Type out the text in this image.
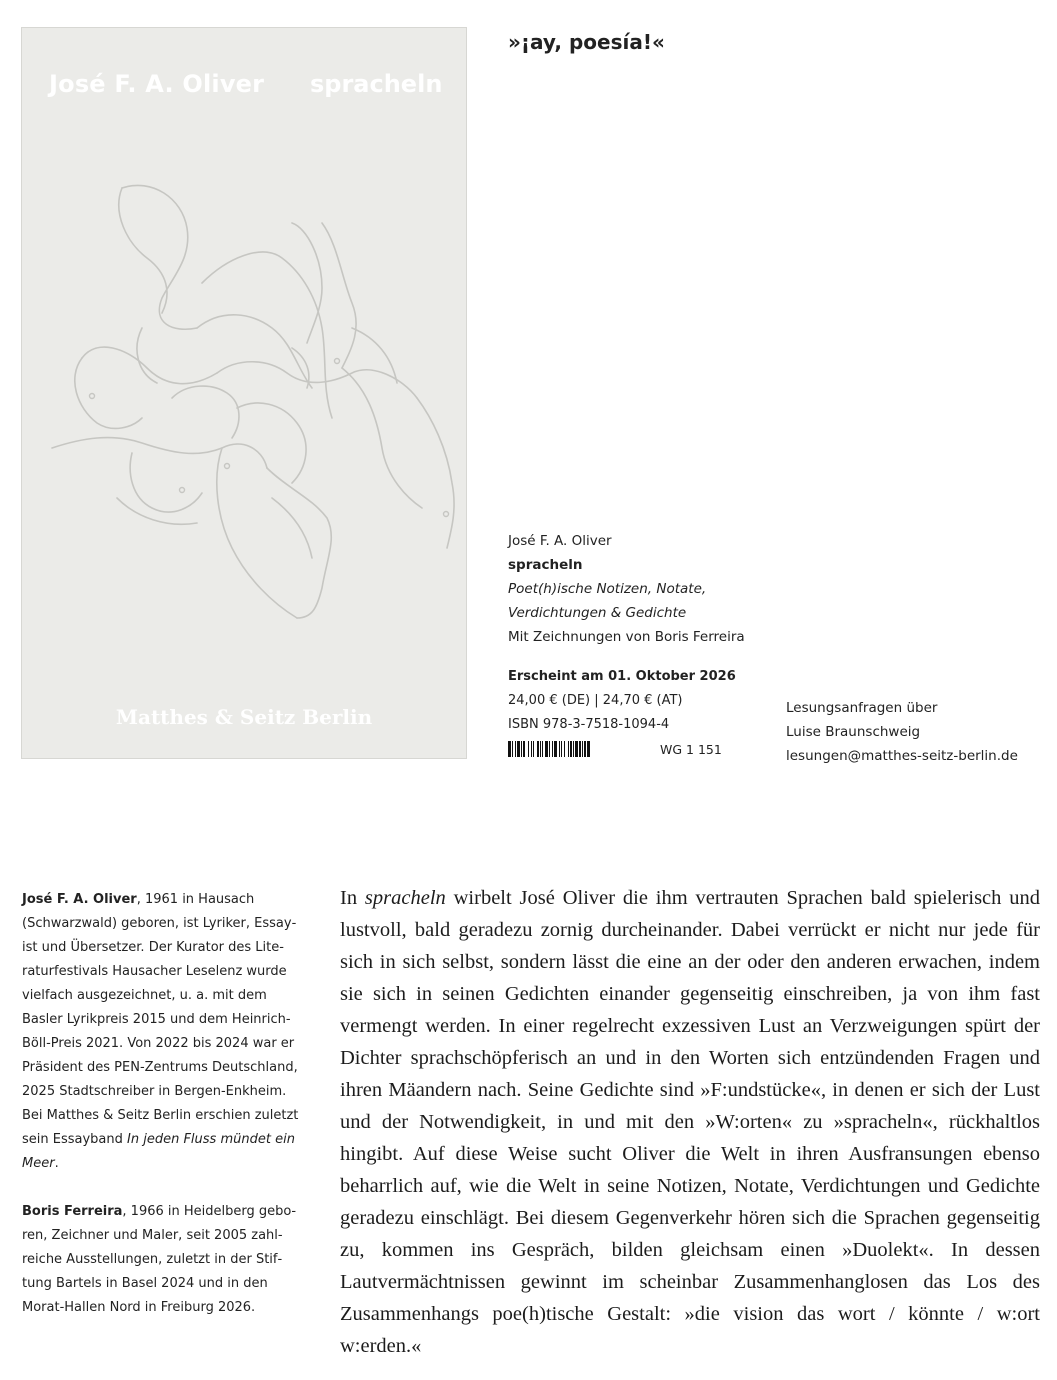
José F. A. Oliver spracheln
Matthes & Seitz Berlin
»¡ay, poesía!«
José F. A. Oliver
spracheln
Poet(h)ische Notizen, Notate,
Verdichtungen & Gedichte
Mit Zeichnungen von Boris Ferreira
Erscheint am 01. Oktober 2026
24,00 € (DE) | 24,70 € (AT)
ISBN 978-3-7518-1094-4
WG 1 151
Lesungsanfragen über
Luise Braunschweig
lesungen@matthes-seitz-berlin.de

José F. A. Oliver, 1961 in Hausach (Schwarzwald) geboren, ist Lyriker, Essayist und Übersetzer. Der Kurator des Literaturfestivals Hausacher Leselenz wurde vielfach ausgezeichnet, u. a. mit dem Basler Lyrikpreis 2015 und dem Heinrich-Böll-Preis 2021. Von 2022 bis 2024 war er Präsident des PEN-Zentrums Deutschland, 2025 Stadtschreiber in Bergen-Enkheim. Bei Matthes & Seitz Berlin erschien zuletzt sein Essayband In jeden Fluss mündet ein Meer.

Boris Ferreira, 1966 in Heidelberg geboren, Zeichner und Maler, seit 2005 zahlreiche Ausstellungen, zuletzt in der Stiftung Bartels in Basel 2024 und in den Morat-Hallen Nord in Freiburg 2026.

In spracheln wirbelt José Oliver die ihm vertrauten Sprachen bald spielerisch und lustvoll, bald geradezu zornig durcheinander. Dabei verrückt er nicht nur jede für sich in sich selbst, sondern lässt die eine an der oder den anderen erwachen, indem sie sich in seinen Gedichten einander gegenseitig einschreiben, ja von ihm fast vermengt werden. In einer regelrecht exzessiven Lust an Verzweigungen spürt der Dichter sprachschöpferisch an und in den Worten sich entzündenden Fragen und ihren Mäandern nach. Seine Gedichte sind »F:undstücke«, in denen er sich der Lust und der Notwendigkeit, in und mit den »W:orten« zu »spracheln«, rückhaltlos hingibt. Auf diese Weise sucht Oliver die Welt in ihren Ausfransungen ebenso beharrlich auf, wie die Welt in seine Notizen, Notate, Verdichtungen und Gedichte geradezu einschlägt. Bei diesem Gegenverkehr hören sich die Sprachen gegenseitig zu, kommen ins Gespräch, bilden gleichsam einen »Duolekt«. In dessen Lautvermächtnissen gewinnt im scheinbar Zusammenhanglosen das Los des Zusammenhangs poe(h)tische Gestalt: »die vision das wort / könnte / w:ort w:erden.«
